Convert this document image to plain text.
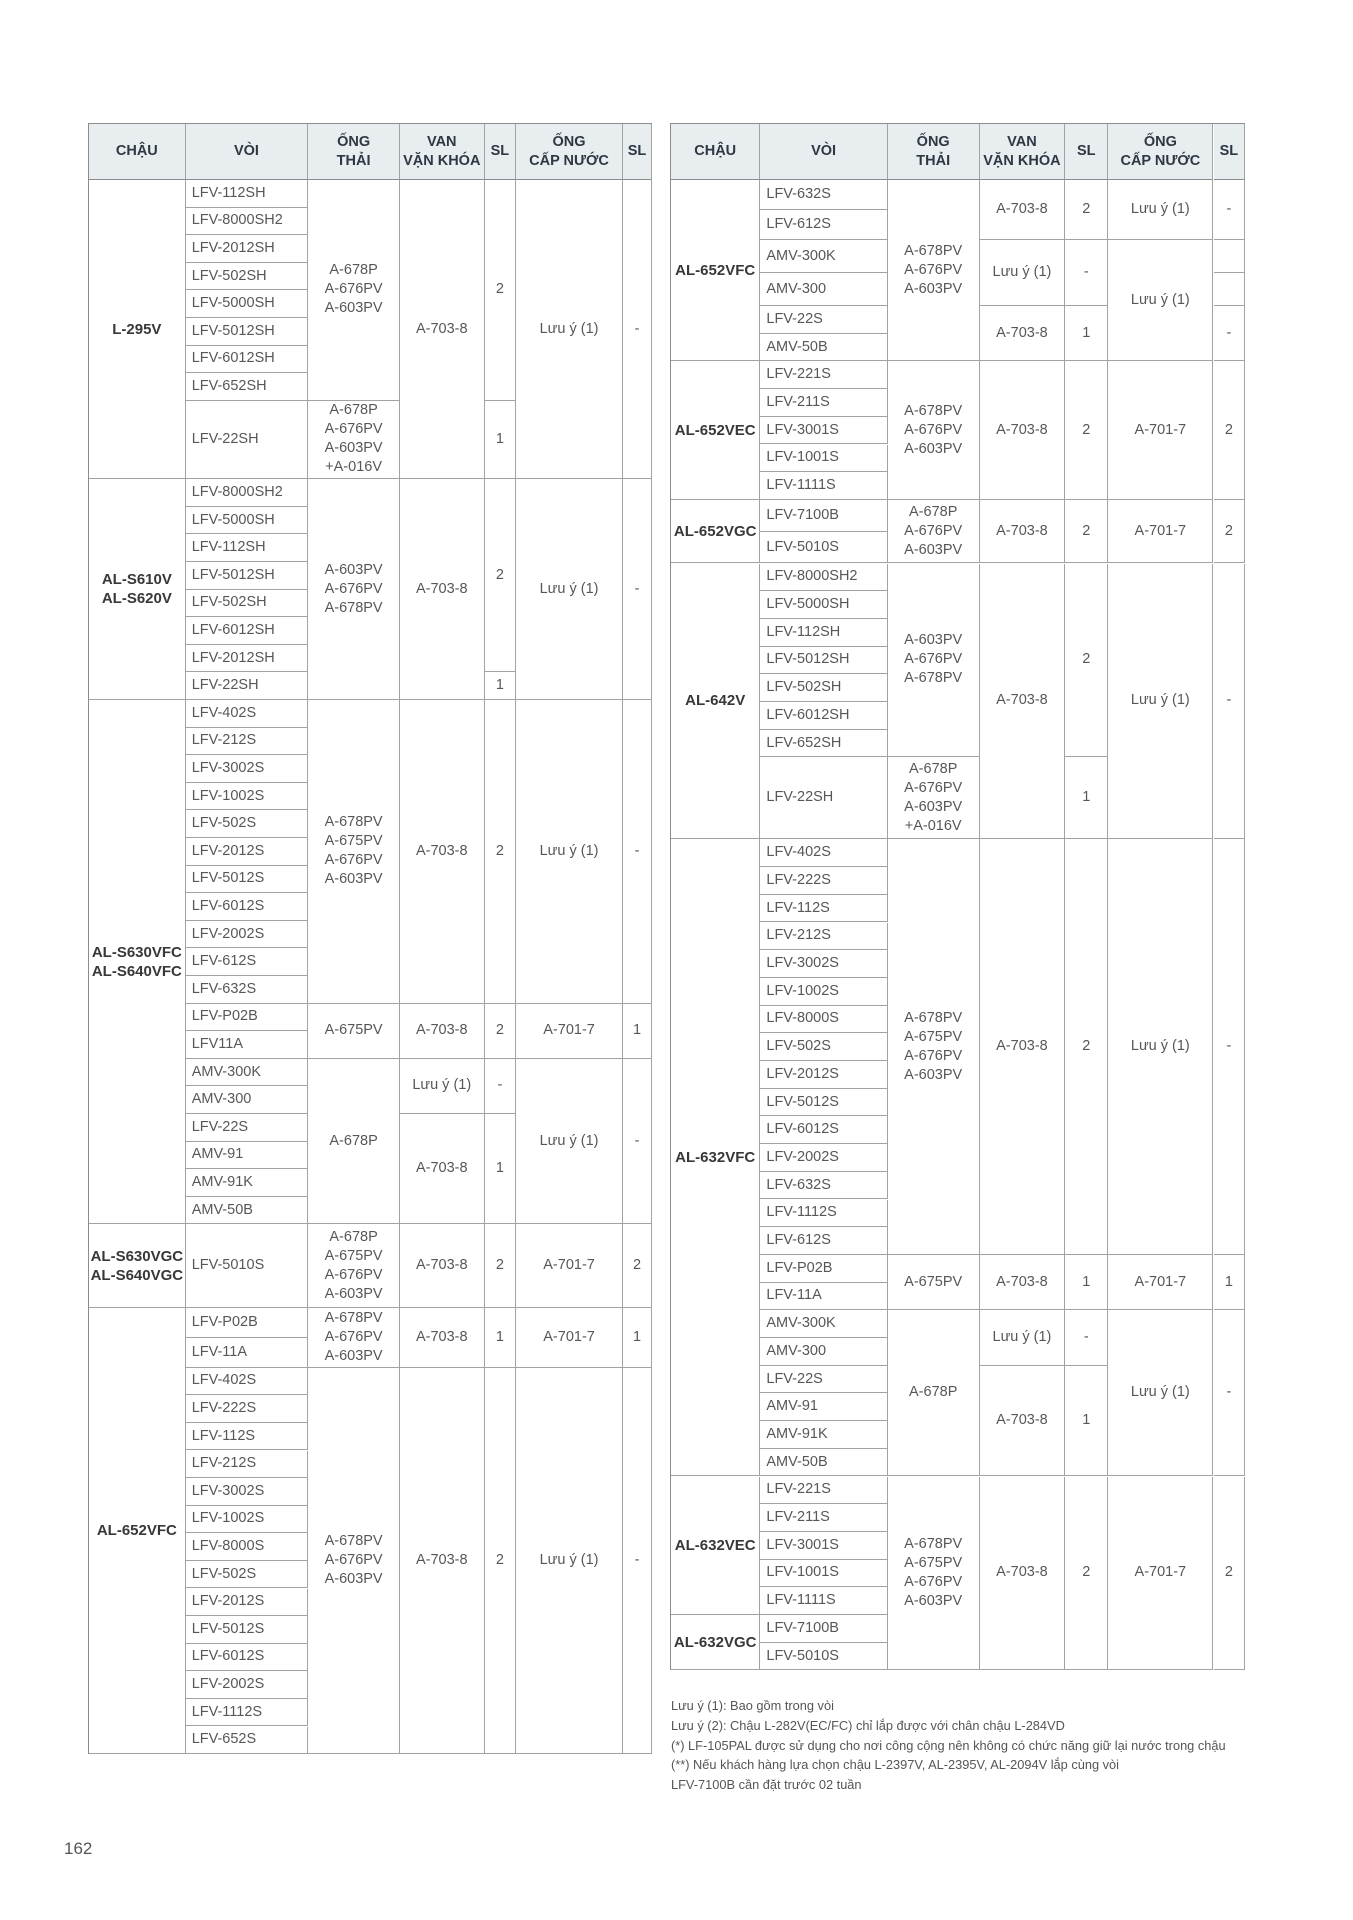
CHẬU
L-295V
AL-S610V
AL-S620V
AL-S630VFC
AL-S640VFC
AL-S630VGC
AL-S640VGC
AL-652VFC
VÒI
LFV-112SH
LFV-8000SH2
LFV-2012SH
LFV-502SH
LFV-5000SH
LFV-5012SH
LFV-6012SH
LFV-652SH
LFV-22SH
LFV-8000SH2
LFV-5000SH
LFV-112SH
LFV-5012SH
LFV-502SH
LFV-6012SH
LFV-2012SH
LFV-22SH
LFV-402S
LFV-212S
LFV-3002S
LFV-1002S
LFV-502S
LFV-2012S
LFV-5012S
LFV-6012S
LFV-2002S
LFV-612S
LFV-632S
LFV-P02B
LFV11A
AMV-300K
AMV-300
LFV-22S
AMV-91
AMV-91K
AMV-50B
LFV-5010S
LFV-P02B
LFV-11A
LFV-402S
LFV-222S
LFV-112S
LFV-212S
LFV-3002S
LFV-1002S
LFV-8000S
LFV-502S
LFV-2012S
LFV-5012S
LFV-6012S
LFV-2002S
LFV-1112S
LFV-652S
ỐNG
THẢI
A-678P
A-676PV
A-603PV
A-678P
A-676PV
A-603PV
+A-016V
A-603PV
A-676PV
A-678PV
A-678PV
A-675PV
A-676PV
A-603PV
A-675PV
A-678P
A-678P
A-675PV
A-676PV
A-603PV
A-678PV
A-676PV
A-603PV
A-678PV
A-676PV
A-603PV
VAN
VẶN KHÓA
A-703-8
A-703-8
A-703-8
A-703-8
Lưu ý (1)
A-703-8
A-703-8
A-703-8
A-703-8
SL
2
1
2
1
2
2
-
1
2
1
2
ỐNG
CẤP NƯỚC
Lưu ý (1)
Lưu ý (1)
Lưu ý (1)
A-701-7
Lưu ý (1)
A-701-7
A-701-7
Lưu ý (1)
SL
-
-
-
1
-
2
1
-
CHẬU
AL-652VFC
AL-652VEC
AL-652VGC
AL-642V
AL-632VFC
AL-632VEC
AL-632VGC
VÒI
LFV-632S
LFV-612S
AMV-300K
AMV-300
LFV-22S
AMV-50B
LFV-221S
LFV-211S
LFV-3001S
LFV-1001S
LFV-1111S
LFV-7100B
LFV-5010S
LFV-8000SH2
LFV-5000SH
LFV-112SH
LFV-5012SH
LFV-502SH
LFV-6012SH
LFV-652SH
LFV-22SH
LFV-402S
LFV-222S
LFV-112S
LFV-212S
LFV-3002S
LFV-1002S
LFV-8000S
LFV-502S
LFV-2012S
LFV-5012S
LFV-6012S
LFV-2002S
LFV-632S
LFV-1112S
LFV-612S
LFV-P02B
LFV-11A
AMV-300K
AMV-300
LFV-22S
AMV-91
AMV-91K
AMV-50B
LFV-221S
LFV-211S
LFV-3001S
LFV-1001S
LFV-1111S
LFV-7100B
LFV-5010S
ỐNG
THẢI
A-678PV
A-676PV
A-603PV
A-678PV
A-676PV
A-603PV
A-678P
A-676PV
A-603PV
A-603PV
A-676PV
A-678PV
A-678P
A-676PV
A-603PV
+A-016V
A-678PV
A-675PV
A-676PV
A-603PV
A-675PV
A-678P
A-678PV
A-675PV
A-676PV
A-603PV
VAN
VẶN KHÓA
A-703-8
Lưu ý (1)
A-703-8
A-703-8
A-703-8
A-703-8
A-703-8
A-703-8
Lưu ý (1)
A-703-8
A-703-8
SL
2
-
1
2
2
2
1
2
1
-
1
2
ỐNG
CẤP NƯỚC
Lưu ý (1)
Lưu ý (1)
A-701-7
A-701-7
Lưu ý (1)
Lưu ý (1)
A-701-7
Lưu ý (1)
A-701-7
SL
-
-
2
2
-
-
1
-
2
Lưu ý (1): Bao gồm trong vòi
Lưu ý (2): Chậu L-282V(EC/FC) chỉ lắp được với chân chậu L-284VD
(*) LF-105PAL được sử dụng cho nơi công cộng nên không có chức năng giữ lại nước trong chậu
(**) Nếu khách hàng lựa chọn chậu L-2397V, AL-2395V, AL-2094V lắp cùng vòi
LFV-7100B cần đặt trước 02 tuần
162
